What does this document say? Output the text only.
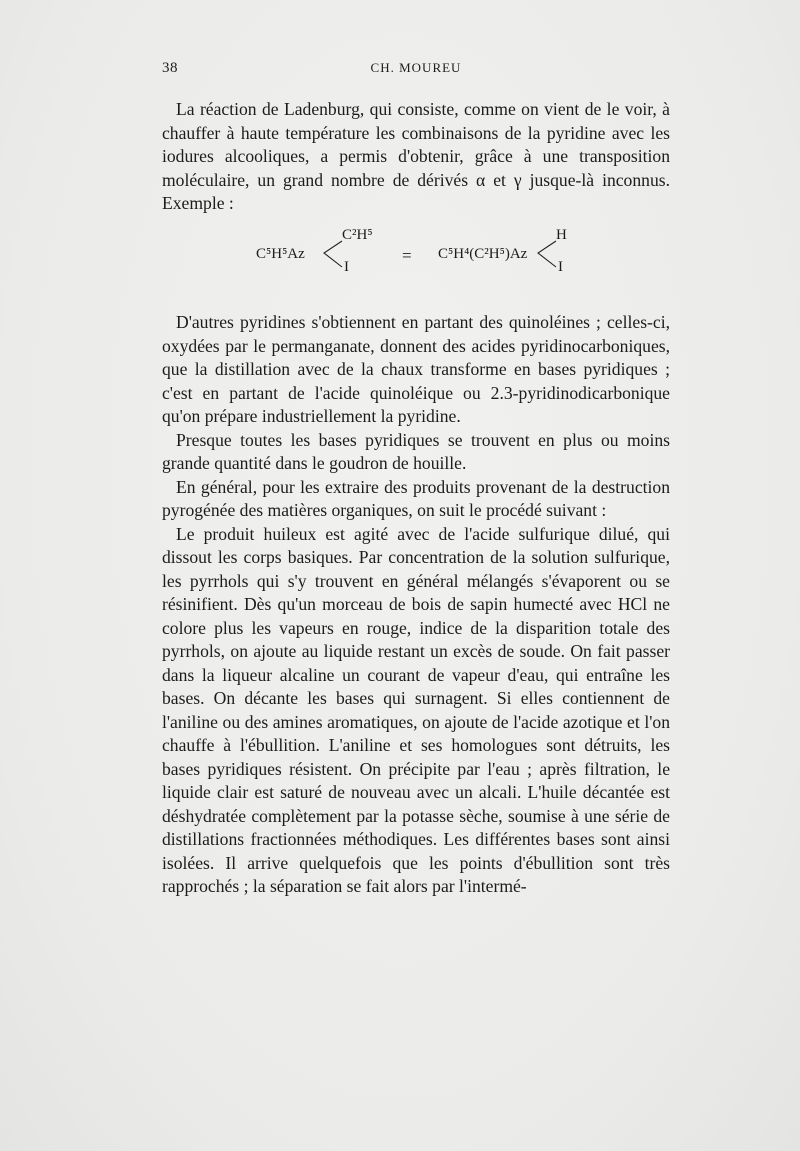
38	CH. MOUREU

La réaction de Ladenburg, qui consiste, comme on vient de le voir, à chauffer à haute température les combinaisons de la pyridine avec les iodures alcooliques, a permis d'obtenir, grâce à une transposition moléculaire, un grand nombre de dérivés α et γ jusque-là inconnus. Exemple :

C⁵H⁵Az
C²H⁵
I
= C⁵H⁴(C²H⁵)Az
H
I

D'autres pyridines s'obtiennent en partant des quinoléines ; celles-ci, oxydées par le permanganate, donnent des acides pyridinocarboniques, que la distillation avec de la chaux transforme en bases pyridiques ; c'est en partant de l'acide quinoléique ou 2.3-pyridinodicarbonique qu'on prépare industriellement la pyridine.

Presque toutes les bases pyridiques se trouvent en plus ou moins grande quantité dans le goudron de houille.

En général, pour les extraire des produits provenant de la destruction pyrogénée des matières organiques, on suit le procédé suivant :

Le produit huileux est agité avec de l'acide sulfurique dilué, qui dissout les corps basiques. Par concentration de la solution sulfurique, les pyrrhols qui s'y trouvent en général mélangés s'évaporent ou se résinifient. Dès qu'un morceau de bois de sapin humecté avec HCl ne colore plus les vapeurs en rouge, indice de la disparition totale des pyrrhols, on ajoute au liquide restant un excès de soude. On fait passer dans la liqueur alcaline un courant de vapeur d'eau, qui entraîne les bases. On décante les bases qui surnagent. Si elles contiennent de l'aniline ou des amines aromatiques, on ajoute de l'acide azotique et l'on chauffe à l'ébullition. L'aniline et ses homologues sont détruits, les bases pyridiques résistent. On précipite par l'eau ; après filtration, le liquide clair est saturé de nouveau avec un alcali. L'huile décantée est déshydratée complètement par la potasse sèche, soumise à une série de distillations fractionnées méthodiques. Les différentes bases sont ainsi isolées. Il arrive quelquefois que les points d'ébullition sont très rapprochés ; la séparation se fait alors par l'intermé-
